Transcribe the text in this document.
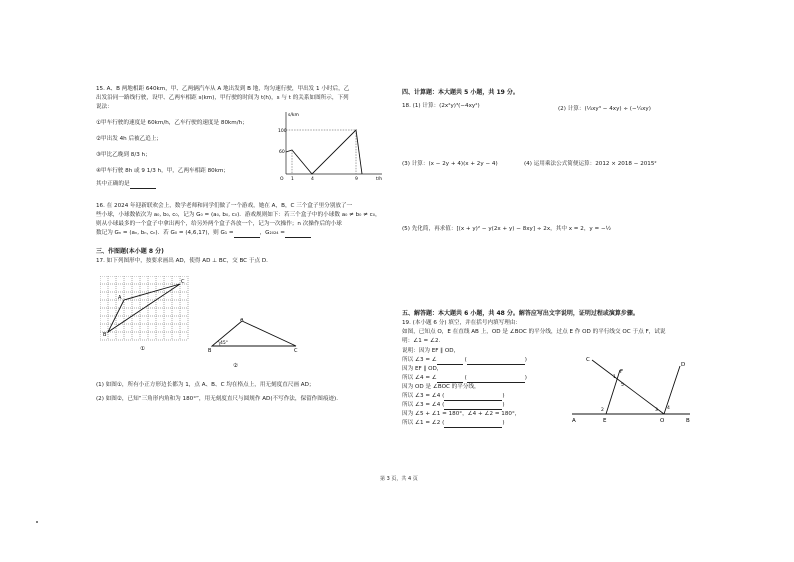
15. A、B 两地相距 640km，甲、乙两辆汽车从 A 地出发到 B 地，均匀速行驶，甲出发 1 小时后，乙
出发沿同一路线行驶，设甲、乙两车相距 s(km)，甲行驶的时间为 t(h)，s 与 t 的关系如图所示，下列
说法：
①甲车行驶的速度是 60km/h，乙车行驶的速度是 80km/h；
②甲出发 4h 后被乙追上；
③甲比乙晚到 8/3 h；
④甲车行驶 8h 或 9 1/3 h，甲，乙两车相距 80km；
其中正确的是
s/km
t/h
100
60
1	4	9
O
16. 在 2024 年迎新联欢会上，数学老师和同学们做了一个游戏，她在 A，B，C 三个盒子里分别放了一
些小球，小球数依次为 a₀, b₀, c₀，记为 G₀ = (a₀, b₀, c₀)．游戏规则如下：若三个盒子中的小球数 a₀ ≠ b₀ ≠ c₀，
则从小球最多的一个盒子中拿出两个，给另外两个盒子各放一个，记为一次操作；n 次操作后的小球
数记为 Gₙ = (aₙ, bₙ, cₙ)．若 G₀ = (4,6,17)，则 G₁ =	，G₂₀₂₄ =
三、作图题(本小题 8 分)
17. 如下列图形中，按要求画出 AD，使得 AD ⊥ BC，交 BC 于点 D.
A
B
C
①
A
B	C
45°
②
(1) 如图①，所有小正方形边长都为 1，点 A、B、C 均在格点上，用无刻度直尺画 AD；
(2) 如图②，已知“三角形内角和为 180°”，用无刻度直尺与圆规作 AD(不写作法，保留作图痕迹).
四、计算题：本大题共 5 小题，共 19 分。
18. (1) 计算：(2x²y)³(−4xy²)	(2) 计算：(⅓xy³ − 4xy) ÷ (−¼xy)
(3) 计算：(x − 2y + 4)(x + 2y − 4)	(4) 运用乘法公式简便运算：2012 × 2018 − 2015²
(5) 先化简，再求值：[(x + y)² − y(2x + y) − 8xy] ÷ 2x，其中 x = 2，y = −½
五、解答题：本大题共 6 小题，共 48 分。解答应写出文字说明，证明过程或演算步骤。
19. (本小题 6 分) 填空，并在括号内填写理由：
如图，已知点 O，E 在直线 AB 上，OD 是 ∠BOC 的平分线，过点 E 作 OD 的平行线交 OC 于点 F，试说
明：∠1 = ∠2.
说明：因为 EF ∥ OD，
所以 ∠3 = ∠	(	)
因为 EF ∥ OD，
所以 ∠4 = ∠	(	)
因为 OD 是 ∠BOC 的平分线，
所以 ∠3 = ∠4 (	)
所以 ∠3 = ∠4 (	)
因为 ∠5 + ∠1 = 180°，∠4 + ∠2 = 180°，
所以 ∠1 = ∠2 (	)
C
F
D
A	E	O	B
1
2	3 4
5
第 3 页，共 4 页
